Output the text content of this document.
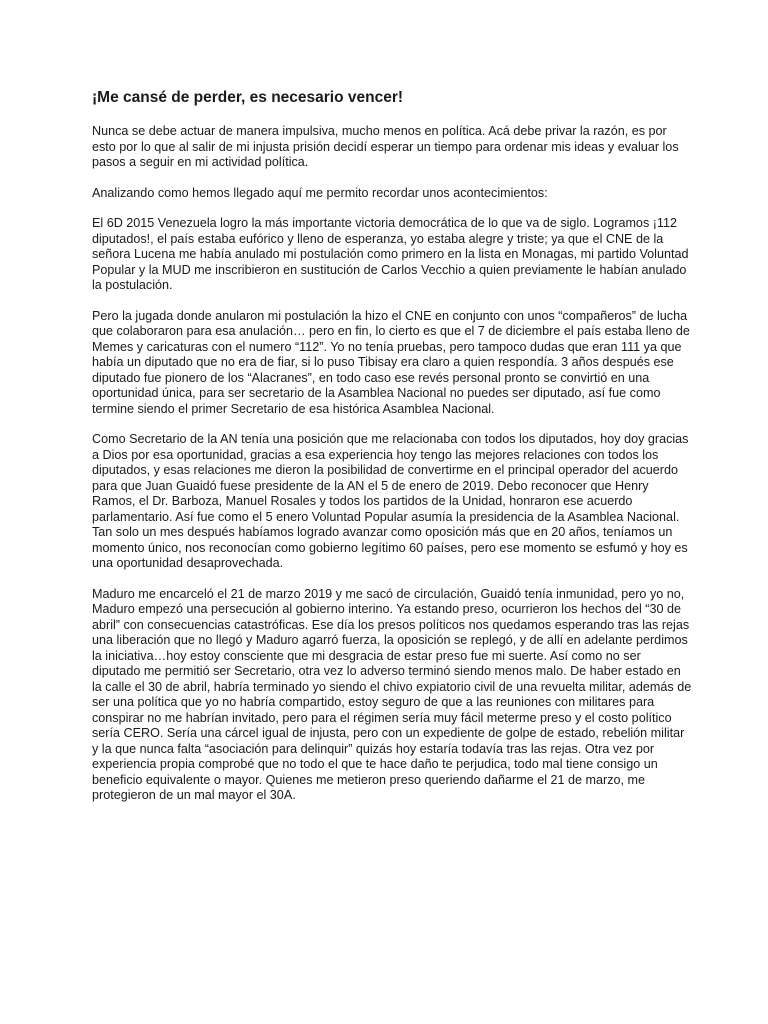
¡Me cansé de perder, es necesario vencer!

Nunca se debe actuar de manera impulsiva, mucho menos en política. Acá debe privar la razón, es por esto por lo que al salir de mi injusta prisión decidí esperar un tiempo para ordenar mis ideas y evaluar los pasos a seguir en mi actividad política.

Analizando como hemos llegado aquí me permito recordar unos acontecimientos:

El 6D 2015 Venezuela logro la más importante victoria democrática de lo que va de siglo. Logramos ¡112 diputados!, el país estaba eufórico y lleno de esperanza, yo estaba alegre y triste; ya que el CNE de la señora Lucena me había anulado mi postulación como primero en la lista en Monagas, mi partido Voluntad Popular y la MUD me inscribieron en sustitución de Carlos Vecchio a quien previamente le habían anulado la postulación.

Pero la jugada donde anularon mi postulación la hizo el CNE en conjunto con unos “compañeros” de lucha que colaboraron para esa anulación… pero en fin, lo cierto es que el 7 de diciembre el país estaba lleno de Memes y caricaturas con el numero “112”. Yo no tenía pruebas, pero tampoco dudas que eran 111 ya que había un diputado que no era de fiar, si lo puso Tibisay era claro a quien respondía. 3 años después ese diputado fue pionero de los “Alacranes”, en todo caso ese revés personal pronto se convirtió en una oportunidad única, para ser secretario de la Asamblea Nacional no puedes ser diputado, así fue como termine siendo el primer Secretario de esa histórica Asamblea Nacional.

Como Secretario de la AN tenía una posición que me relacionaba con todos los diputados, hoy doy gracias a Dios por esa oportunidad, gracias a esa experiencia hoy tengo las mejores relaciones con todos los diputados, y esas relaciones me dieron la posibilidad de convertirme en el principal operador del acuerdo para que Juan Guaidó fuese presidente de la AN el 5 de enero de 2019. Debo reconocer que Henry Ramos, el Dr. Barboza, Manuel Rosales y todos los partidos de la Unidad, honraron ese acuerdo parlamentario. Así fue como el 5 enero Voluntad Popular asumía la presidencia de la Asamblea Nacional. Tan solo un mes después habíamos logrado avanzar como oposición más que en 20 años, teníamos un momento único, nos reconocían como gobierno legítimo 60 países, pero ese momento se esfumó y hoy es una oportunidad desaprovechada.

Maduro me encarceló el 21 de marzo 2019 y me sacó de circulación, Guaidó tenía inmunidad, pero yo no, Maduro empezó una persecución al gobierno interino. Ya estando preso, ocurrieron los hechos del “30 de abril” con consecuencias catastróficas. Ese día los presos políticos nos quedamos esperando tras las rejas una liberación que no llegó y Maduro agarró fuerza, la oposición se replegó, y de allí en adelante perdimos la iniciativa…hoy estoy consciente que mi desgracia de estar preso fue mi suerte. Así como no ser diputado me permitió ser Secretario, otra vez lo adverso terminó siendo menos malo. De haber estado en la calle el 30 de abril, habría terminado yo siendo el chivo expiatorio civil de una revuelta militar, además de ser una política que yo no habría compartido, estoy seguro de que a las reuniones con militares para conspirar no me habrían invitado, pero para el régimen sería muy fácil meterme preso y el costo político sería CERO. Sería una cárcel igual de injusta, pero con un expediente de golpe de estado, rebelión militar y la que nunca falta “asociación para delinquir” quizás hoy estaría todavía tras las rejas. Otra vez por experiencia propia comprobé que no todo el que te hace daño te perjudica, todo mal tiene consigo un beneficio equivalente o mayor. Quienes me metieron preso queriendo dañarme el 21 de marzo, me protegieron de un mal mayor el 30A.
